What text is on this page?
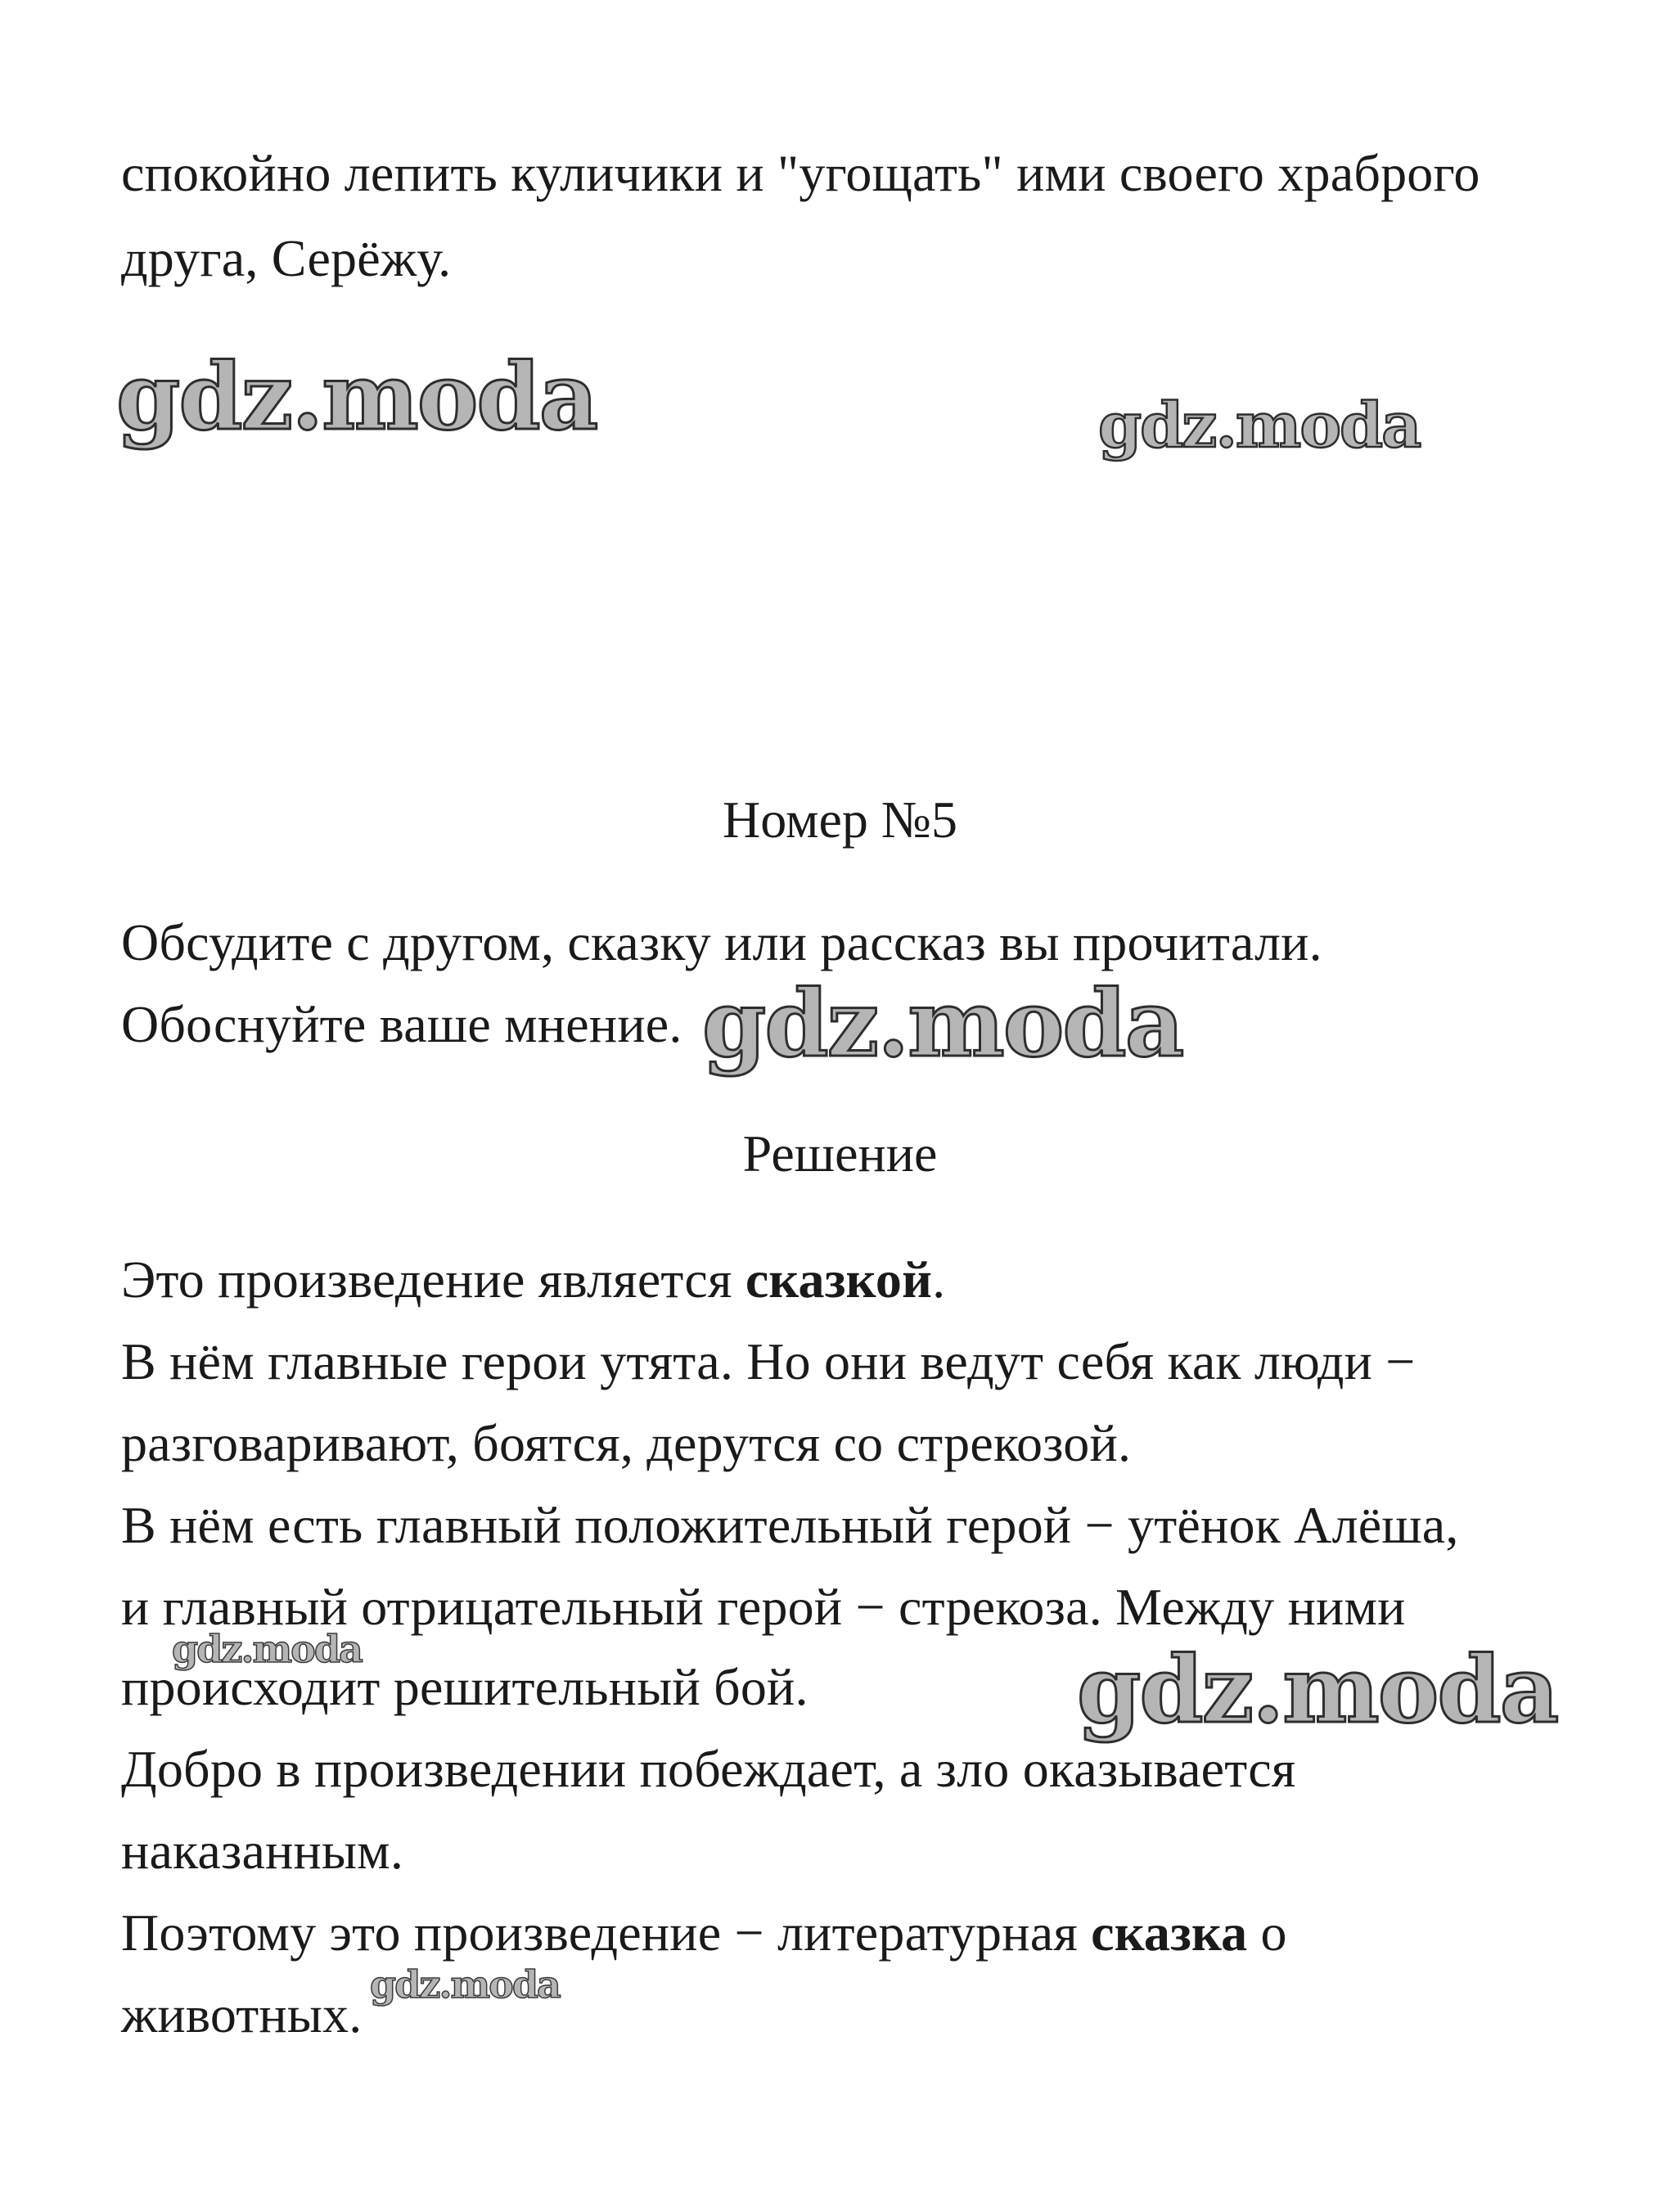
спокойно лепить куличики и "угощать" ими своего храброго
друга, Серёжу.
Номер №5
Обсудите с другом, сказку или рассказ вы прочитали.
Обоснуйте ваше мнение.
Решение
Это произведение является сказкой.
В нём главные герои утята. Но они ведут себя как люди −
разговаривают, боятся, дерутся со стрекозой.
В нём есть главный положительный герой − утёнок Алёша,
и главный отрицательный герой − стрекоза. Между ними
происходит решительный бой.
Добро в произведении побеждает, а зло оказывается
наказанным.
Поэтому это произведение − литературная сказка о
животных.
gdz.moda	gdz.moda
gdz.moda
gdz.moda	gdz.moda
gdz.moda
